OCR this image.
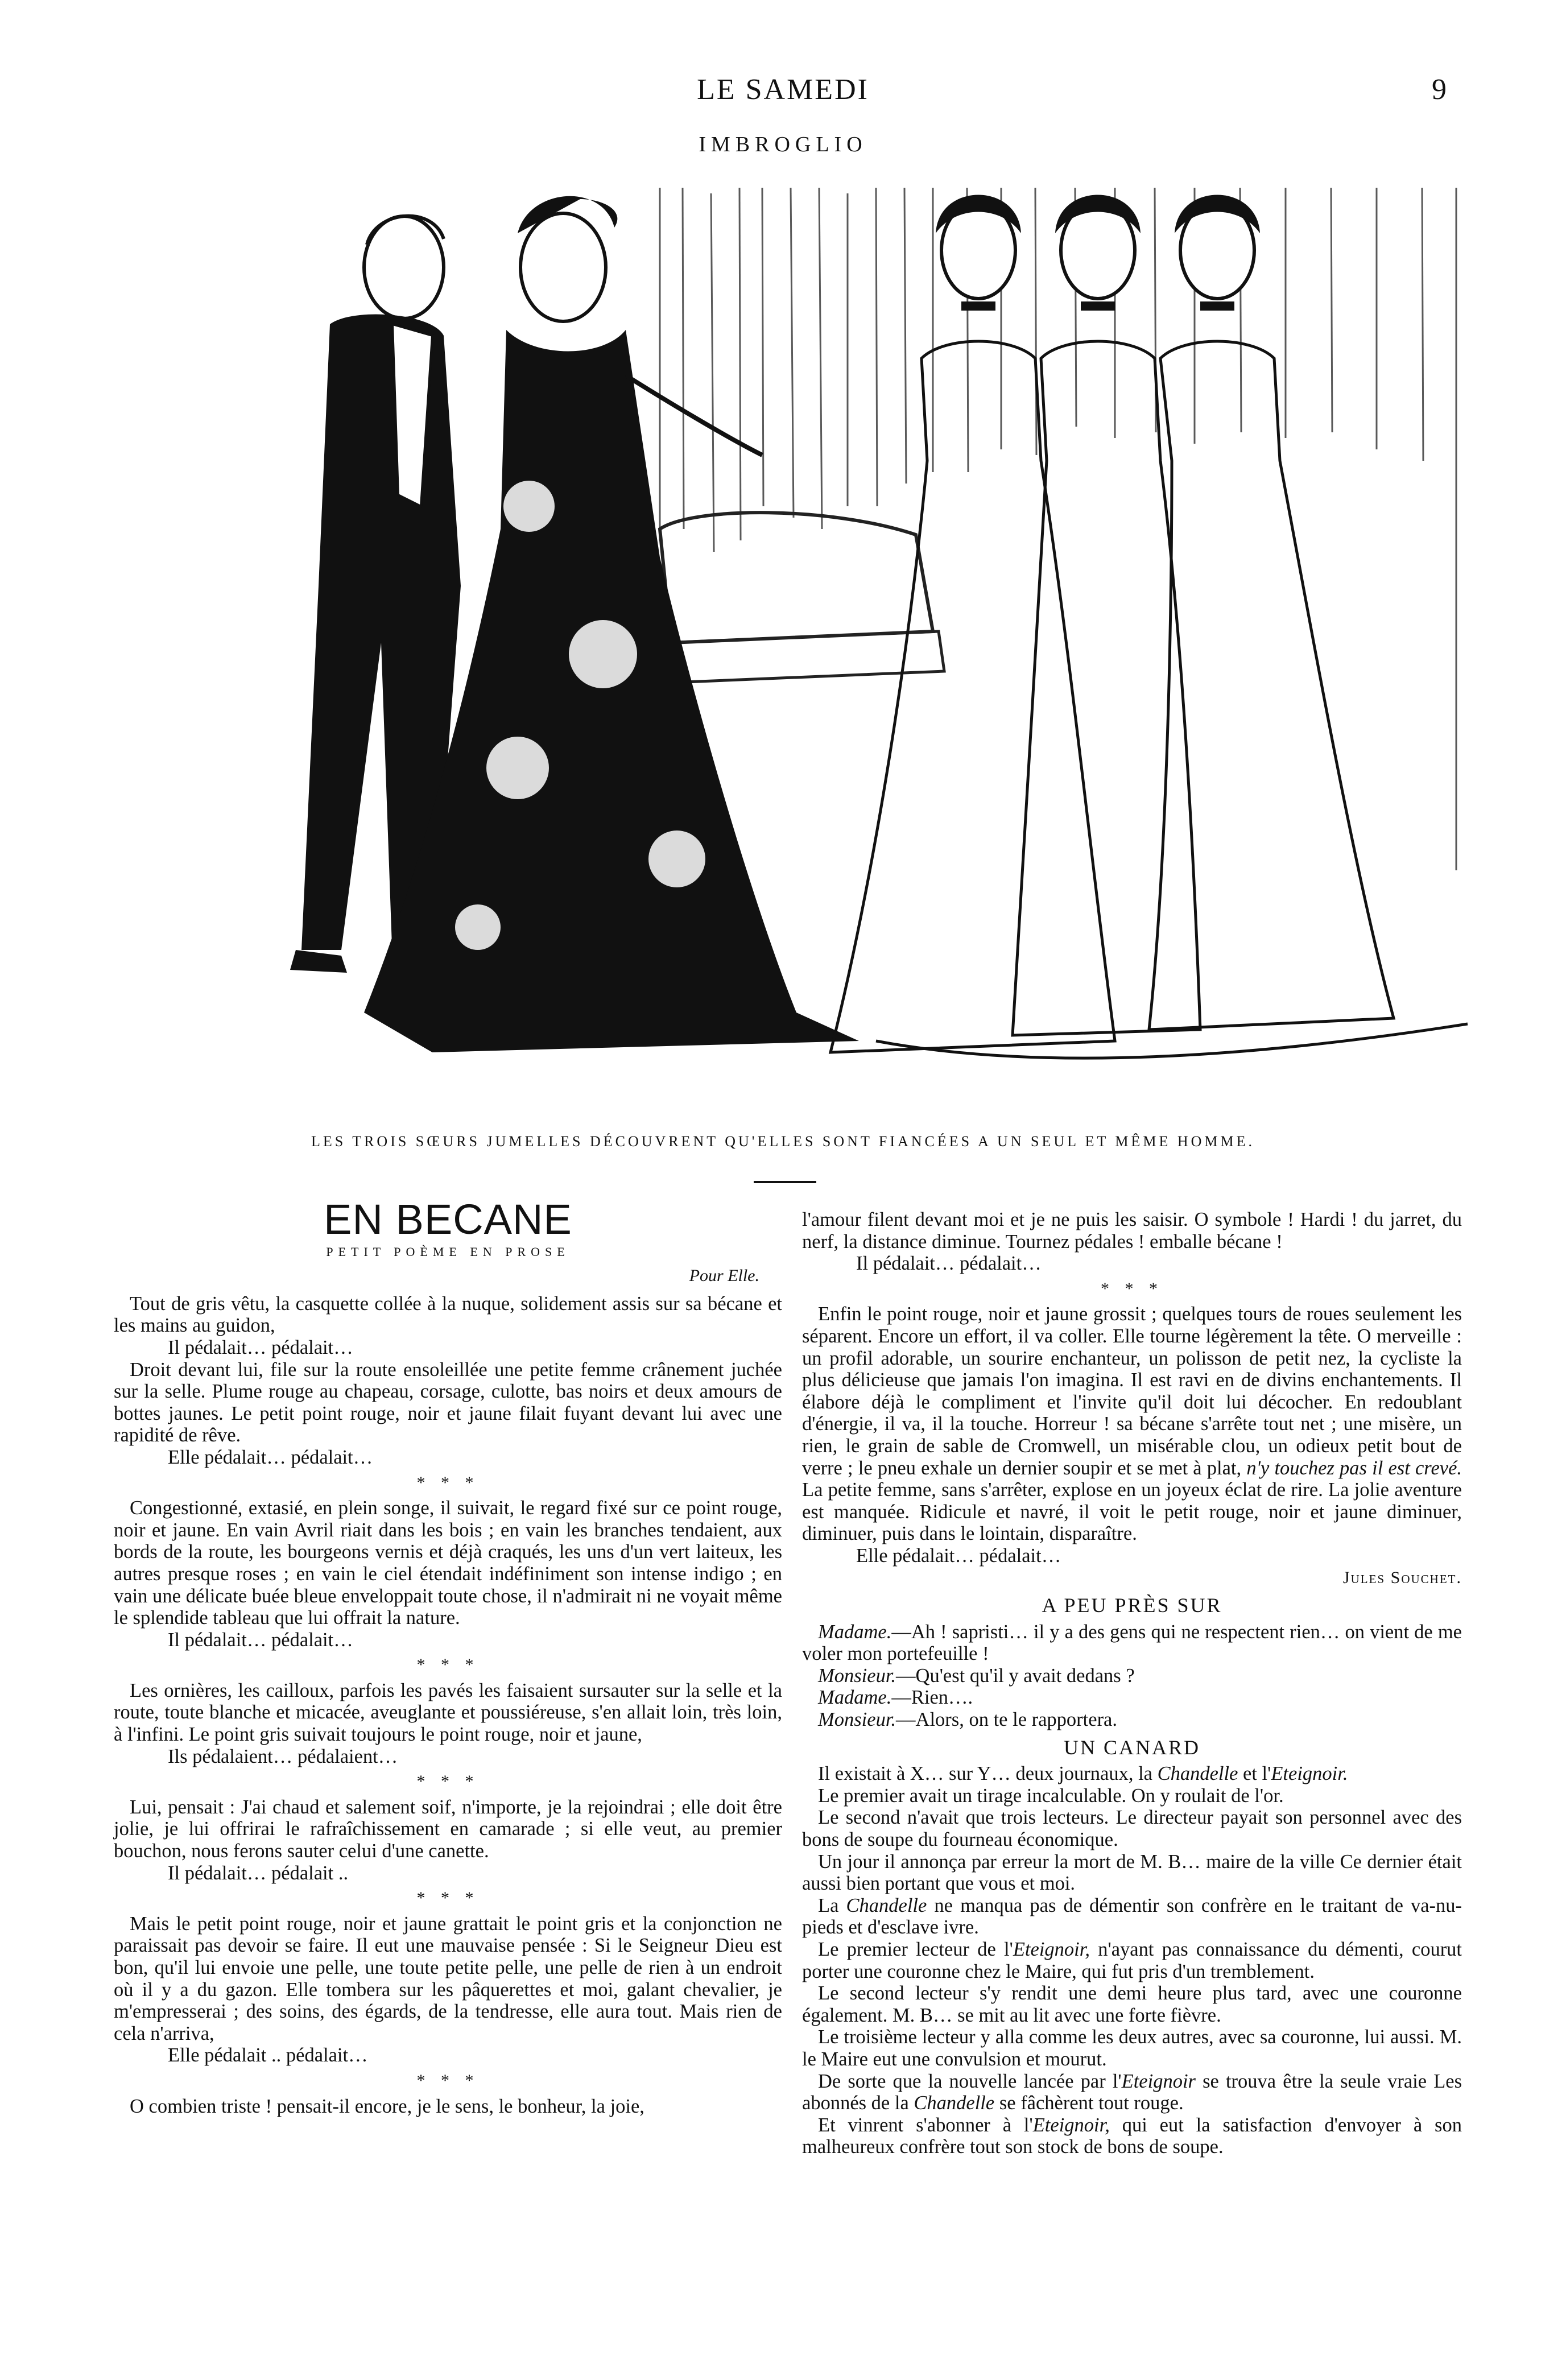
LE SAMEDI	9
IMBROGLIO
LES TROIS SŒURS JUMELLES DÉCOUVRENT QU'ELLES SONT FIANCÉES A UN SEUL ET MÊME HOMME.
EN BECANE
PETIT POÈME EN PROSE
Pour Elle.

Tout de gris vêtu, la casquette collée à la nuque, solidement assis sur sa bécane et les mains au guidon,

Il pédalait… pédalait…

Droit devant lui, file sur la route ensoleillée une petite femme crânement juchée sur la selle. Plume rouge au chapeau, corsage, culotte, bas noirs et deux amours de bottes jaunes. Le petit point rouge, noir et jaune filait fuyant devant lui avec une rapidité de rêve.

Elle pédalait… pédalait…

* * *

Congestionné, extasié, en plein songe, il suivait, le regard fixé sur ce point rouge, noir et jaune. En vain Avril riait dans les bois ; en vain les branches tendaient, aux bords de la route, les bourgeons vernis et déjà craqués, les uns d'un vert laiteux, les autres presque roses ; en vain le ciel étendait indéfiniment son intense indigo ; en vain une délicate buée bleue enveloppait toute chose, il n'admirait ni ne voyait même le splendide tableau que lui offrait la nature.

Il pédalait… pédalait…

* * *

Les ornières, les cailloux, parfois les pavés les faisaient sursauter sur la selle et la route, toute blanche et micacée, aveuglante et poussiéreuse, s'en allait loin, très loin, à l'infini. Le point gris suivait toujours le point rouge, noir et jaune,

Ils pédalaient… pédalaient…

* * *

Lui, pensait : J'ai chaud et salement soif, n'importe, je la rejoindrai ; elle doit être jolie, je lui offrirai le rafraîchissement en camarade ; si elle veut, au premier bouchon, nous ferons sauter celui d'une canette.

Il pédalait… pédalait ..

* * *

Mais le petit point rouge, noir et jaune grattait le point gris et la conjonction ne paraissait pas devoir se faire. Il eut une mauvaise pensée : Si le Seigneur Dieu est bon, qu'il lui envoie une pelle, une toute petite pelle, une pelle de rien à un endroit où il y a du gazon. Elle tombera sur les pâquerettes et moi, galant chevalier, je m'empresserai ; des soins, des égards, de la tendresse, elle aura tout. Mais rien de cela n'arriva,

Elle pédalait .. pédalait…

* * *

O combien triste ! pensait-il encore, je le sens, le bonheur, la joie,

l'amour filent devant moi et je ne puis les saisir. O symbole ! Hardi ! du jarret, du nerf, la distance diminue. Tournez pédales ! emballe bécane !

Il pédalait… pédalait…

* * *

Enfin le point rouge, noir et jaune grossit ; quelques tours de roues seulement les séparent. Encore un effort, il va coller. Elle tourne légèrement la tête. O merveille : un profil adorable, un sourire enchanteur, un polisson de petit nez, la cycliste la plus délicieuse que jamais l'on imagina. Il est ravi en de divins enchantements. Il élabore déjà le compliment et l'invite qu'il doit lui décocher. En redoublant d'énergie, il va, il la touche. Horreur ! sa bécane s'arrête tout net ; une misère, un rien, le grain de sable de Cromwell, un misérable clou, un odieux petit bout de verre ; le pneu exhale un dernier soupir et se met à plat, n'y touchez pas il est crevé. La petite femme, sans s'arrêter, explose en un joyeux éclat de rire. La jolie aventure est manquée. Ridicule et navré, il voit le petit rouge, noir et jaune diminuer, diminuer, puis dans le lointain, disparaître.

Elle pédalait… pédalait…

Jules Souchet.
A PEU PRÈS SUR

Madame.—Ah ! sapristi… il y a des gens qui ne respectent rien… on vient de me voler mon portefeuille !

Monsieur.—Qu'est qu'il y avait dedans ?

Madame.—Rien….

Monsieur.—Alors, on te le rapportera.

UN CANARD

Il existait à X… sur Y… deux journaux, la Chandelle et l'Eteignoir.

Le premier avait un tirage incalculable. On y roulait de l'or.

Le second n'avait que trois lecteurs. Le directeur payait son personnel avec des bons de soupe du fourneau économique.

Un jour il annonça par erreur la mort de M. B… maire de la ville Ce dernier était aussi bien portant que vous et moi.

La Chandelle ne manqua pas de démentir son confrère en le traitant de va-nu-pieds et d'esclave ivre.

Le premier lecteur de l'Eteignoir, n'ayant pas connaissance du démenti, courut porter une couronne chez le Maire, qui fut pris d'un tremblement.

Le second lecteur s'y rendit une demi heure plus tard, avec une couronne également. M. B… se mit au lit avec une forte fièvre.

Le troisième lecteur y alla comme les deux autres, avec sa couronne, lui aussi. M. le Maire eut une convulsion et mourut.

De sorte que la nouvelle lancée par l'Eteignoir se trouva être la seule vraie Les abonnés de la Chandelle se fâchèrent tout rouge.

Et vinrent s'abonner à l'Eteignoir, qui eut la satisfaction d'envoyer à son malheureux confrère tout son stock de bons de soupe.
